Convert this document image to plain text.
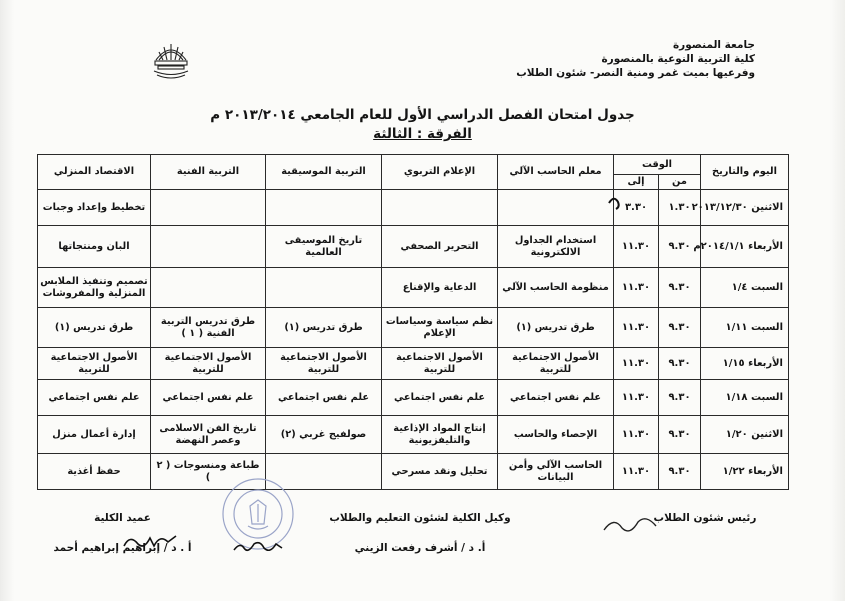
جامعة المنصورة
كلية التربية النوعية بالمنصورة
وفرعيها بميت غمر ومنية النصر- شئون الطلاب
جدول امتحان الفصل الدراسي الأول للعام الجامعي ٢٠١٣/٢٠١٤ م
الفرقة : الثالثة
اليوم والتاريخ	الوقت		معلم الحاسب الآلي	الإعلام التربوي	التربية الموسيقية	التربية الفنية	الاقتصاد المنزلي
	من	إلى					
الاثنين ٢٠١٣/١٢/٣٠	١.٣٠	٣.٣٠					تخطيط وإعداد وجبات
الأربعاء ٢٠١٤/١/١م	٩.٣٠	١١.٣٠	استخدام الجداول الالكترونية	التحرير الصحفي	تاريخ الموسيقى العالمية		البان ومنتجاتها
السبت ١/٤	٩.٣٠	١١.٣٠	منظومة الحاسب الآلي	الدعاية والإقناع			تصميم وتنفيذ الملابس المنزلية والمفروشات
السبت ١/١١	٩.٣٠	١١.٣٠	طرق تدريس (١)	نظم سياسة وسياسات الإعلام	طرق تدريس (١)	طرق تدريس التربية الفنية ( ١ )	طرق تدريس (١)
الأربعاء ١/١٥	٩.٣٠	١١.٣٠	الأصول الاجتماعية للتربية	الأصول الاجتماعية للتربية	الأصول الاجتماعية للتربية	الأصول الاجتماعية للتربية	الأصول الاجتماعية للتربية
السبت ١/١٨	٩.٣٠	١١.٣٠	علم نفس اجتماعي	علم نفس اجتماعي	علم نفس اجتماعي	علم نفس اجتماعي	علم نفس اجتماعي
الاثنين ١/٢٠	٩.٣٠	١١.٣٠	الإحصاء والحاسب	إنتاج المواد الإذاعية والتليفزيونية	صولفيج غربي (٢)	تاريخ الفن الاسلامى وعصر النهضة	إدارة أعمال منزل
الأربعاء ١/٢٢	٩.٣٠	١١.٣٠	الحاسب الآلي وأمن البيانات	تحليل ونقد مسرحي		طباعة ومنسوجات ( ٢ )	حفظ أغذية
رئيس شئون الطلاب
وكيل الكلية لشئون التعليم والطلاب
أ. د / أشرف رفعت الزيني
عميد الكلية
أ . د / إبراهيم إبراهيم أحمد
